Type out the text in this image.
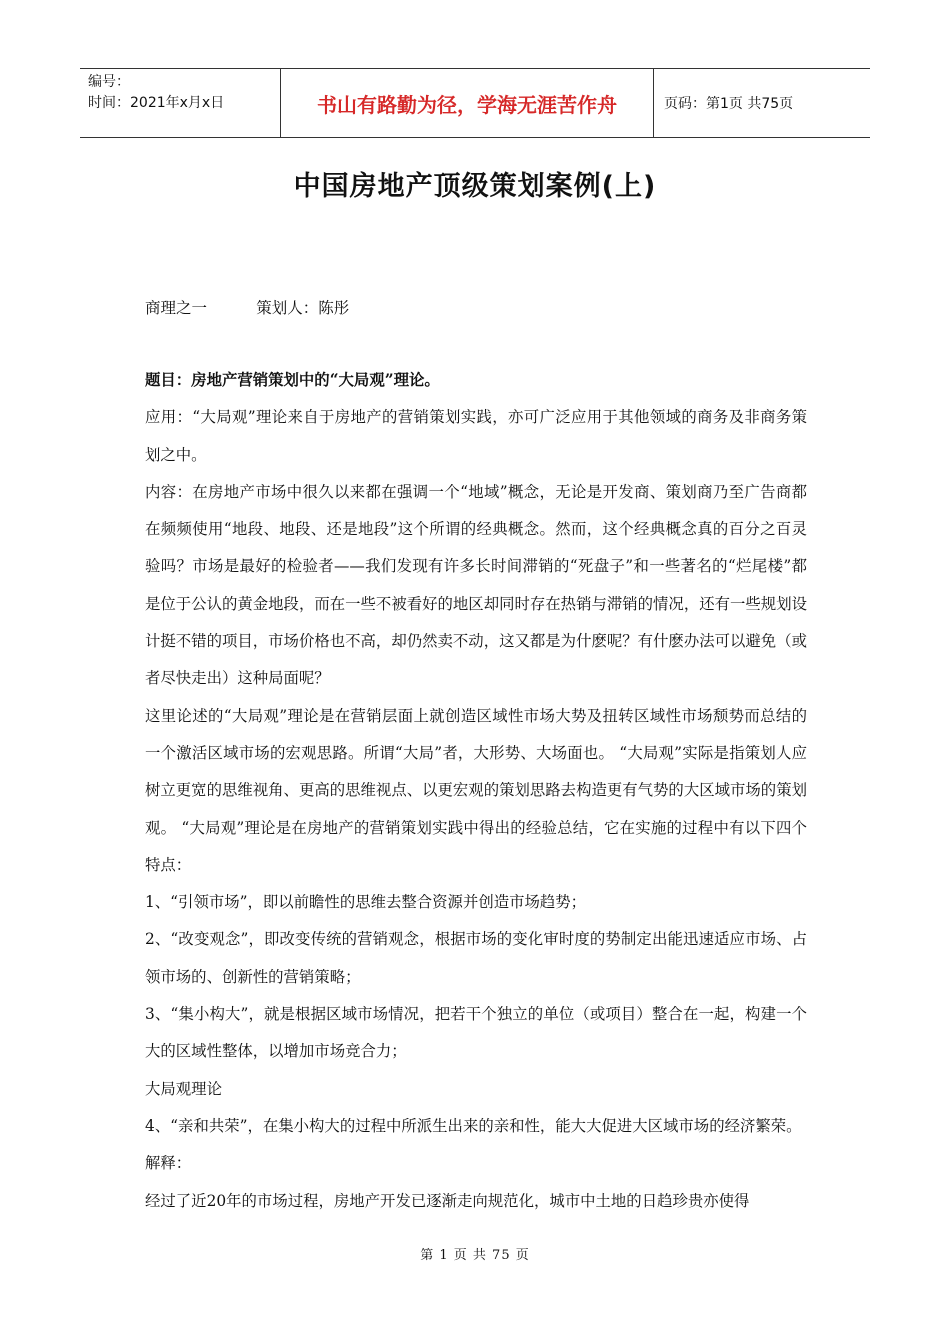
编号：
时间：2021年x月x日	书山有路勤为径，学海无涯苦作舟	页码：第1页 共75页
中国房地产顶级策划案例(上)
商理之一          策划人：陈彤

题目：房地产营销策划中的“大局观”理论。

应用：“大局观”理论来自于房地产的营销策划实践，亦可广泛应用于其他领域的商务及非商务策划之中。

内容：在房地产市场中很久以来都在强调一个“地域”概念，无论是开发商、策划商乃至广告商都在频频使用“地段、地段、还是地段”这个所谓的经典概念。然而，这个经典概念真的百分之百灵验吗？市场是最好的检验者——我们发现有许多长时间滞销的“死盘子”和一些著名的“烂尾楼”都是位于公认的黄金地段，而在一些不被看好的地区却同时存在热销与滞销的情况，还有一些规划设计挺不错的项目，市场价格也不高，却仍然卖不动，这又都是为什麽呢？有什麽办法可以避免（或者尽快走出）这种局面呢？

这里论述的“大局观”理论是在营销层面上就创造区域性市场大势及扭转区域性市场颓势而总结的一个激活区域市场的宏观思路。所谓“大局”者，大形势、大场面也。 “大局观”实际是指策划人应树立更宽的思维视角、更高的思维视点、以更宏观的策划思路去构造更有气势的大区域市场的策划观。 “大局观”理论是在房地产的营销策划实践中得出的经验总结，它在实施的过程中有以下四个特点：

1、“引领市场”，即以前瞻性的思维去整合资源并创造市场趋势；

2、“改变观念”，即改变传统的营销观念，根据市场的变化审时度的势制定出能迅速适应市场、占领市场的、创新性的营销策略；

3、“集小构大”，就是根据区域市场情况，把若干个独立的单位（或项目）整合在一起，构建一个大的区域性整体，以增加市场竞合力；

大局观理论

4、“亲和共荣”，在集小构大的过程中所派生出来的亲和性，能大大促进大区域市场的经济繁荣。

解释：

经过了近20年的市场过程，房地产开发已逐渐走向规范化，城市中土地的日趋珍贵亦使得

第 1 页 共 75 页
